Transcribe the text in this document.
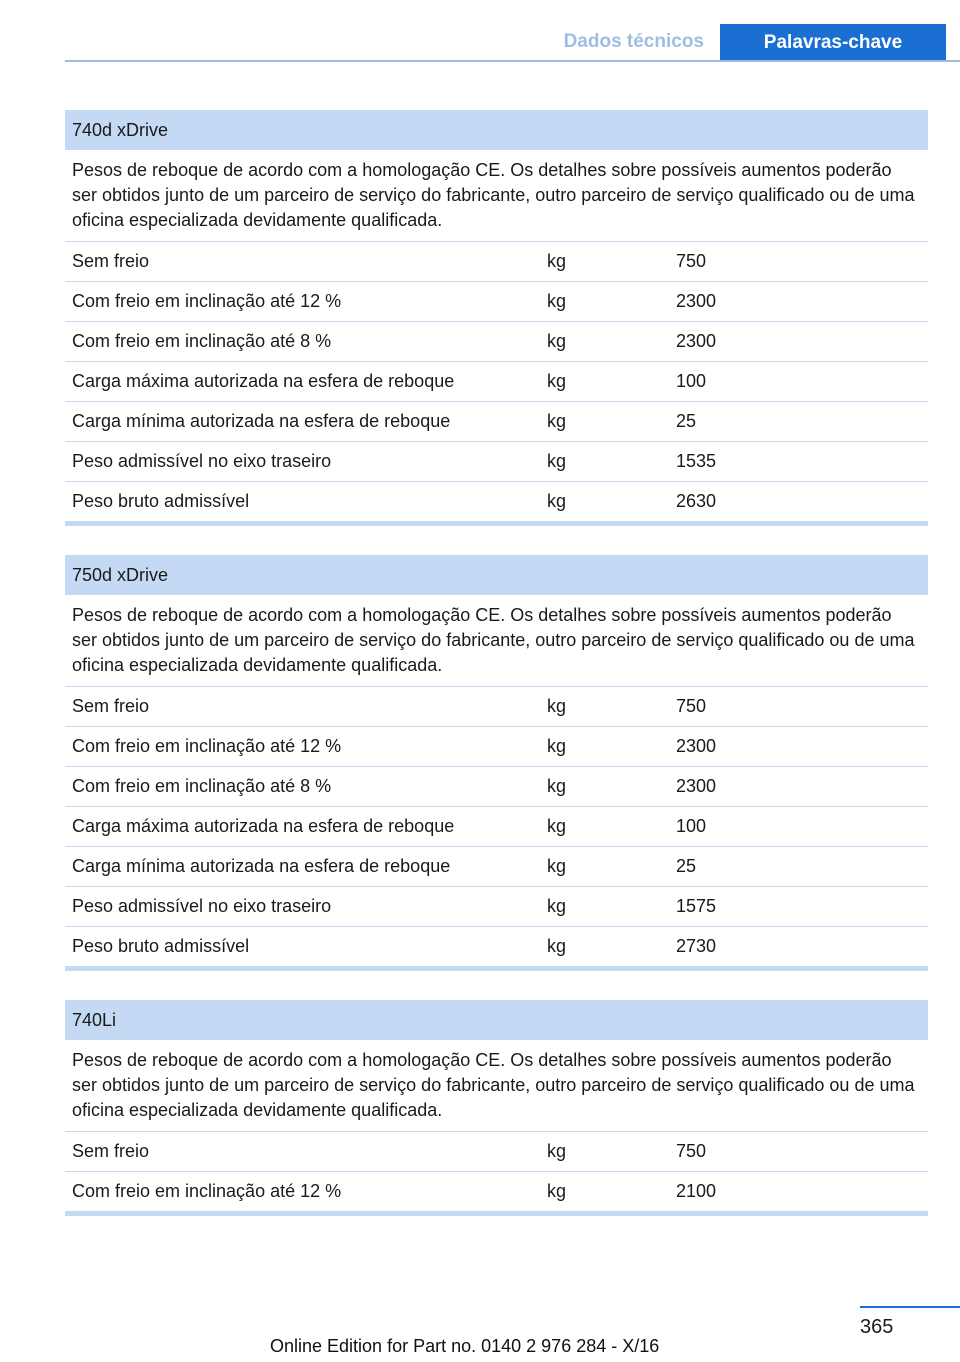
Dados técnicos	Palavras-chave
740d xDrive
Pesos de reboque de acordo com a homologação CE. Os detalhes sobre possíveis aumentos poderão ser obtidos junto de um parceiro de serviço do fabricante, outro parceiro de serviço qualificado ou de uma oficina especializada devidamente qualificada.
Sem freio	kg	750
Com freio em inclinação até 12 %	kg	2300
Com freio em inclinação até 8 %	kg	2300
Carga máxima autorizada na esfera de reboque	kg	100
Carga mínima autorizada na esfera de reboque	kg	25
Peso admissível no eixo traseiro	kg	1535
Peso bruto admissível	kg	2630
750d xDrive
Pesos de reboque de acordo com a homologação CE. Os detalhes sobre possíveis aumentos poderão ser obtidos junto de um parceiro de serviço do fabricante, outro parceiro de serviço qualificado ou de uma oficina especializada devidamente qualificada.
Sem freio	kg	750
Com freio em inclinação até 12 %	kg	2300
Com freio em inclinação até 8 %	kg	2300
Carga máxima autorizada na esfera de reboque	kg	100
Carga mínima autorizada na esfera de reboque	kg	25
Peso admissível no eixo traseiro	kg	1575
Peso bruto admissível	kg	2730
740Li
Pesos de reboque de acordo com a homologação CE. Os detalhes sobre possíveis aumentos poderão ser obtidos junto de um parceiro de serviço do fabricante, outro parceiro de serviço qualificado ou de uma oficina especializada devidamente qualificada.
Sem freio	kg	750
Com freio em inclinação até 12 %	kg	2100
365
Online Edition for Part no. 0140 2 976 284 - X/16
